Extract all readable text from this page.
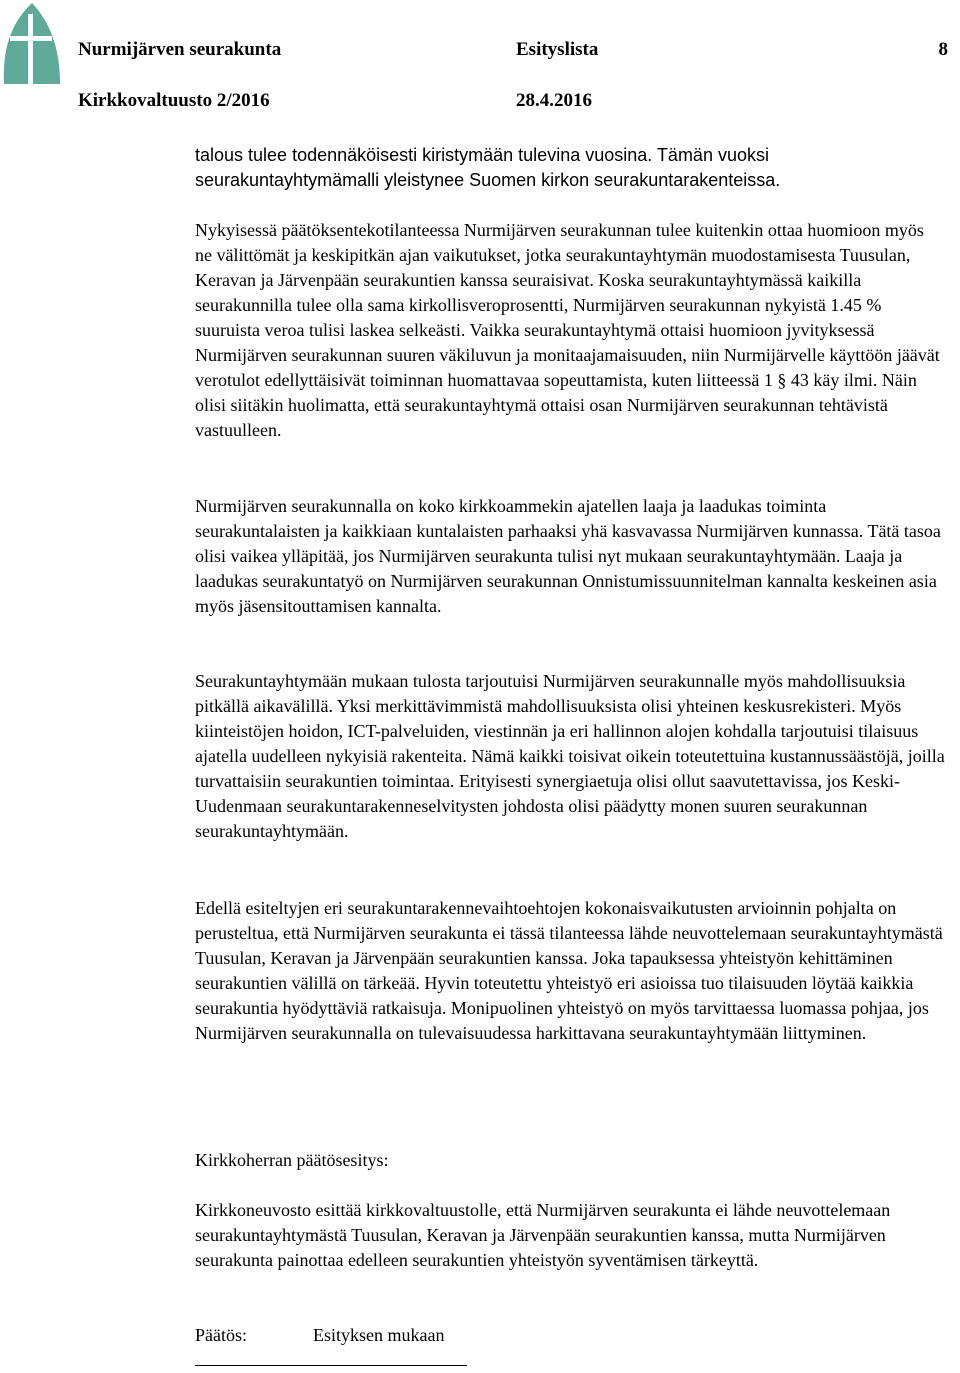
Nurmijärven seurakunta	Esityslista	8
Kirkkovaltuusto 2/2016	28.4.2016

talous tulee todennäköisesti kiristymään tulevina vuosina. Tämän vuoksi seurakuntayhtymämalli yleistynee Suomen kirkon seurakuntarakenteissa.

Nykyisessä päätöksentekotilanteessa Nurmijärven seurakunnan tulee kuitenkin ottaa huomioon myös ne välittömät ja keskipitkän ajan vaikutukset, jotka seurakuntayhtymän muodostamisesta Tuusulan, Keravan ja Järvenpään seurakuntien kanssa seuraisivat. Koska seurakuntayhtymässä kaikilla seurakunnilla tulee olla sama kirkollisveroprosentti, Nurmijärven seurakunnan nykyistä 1.45 % suuruista veroa tulisi laskea selkeästi. Vaikka seurakuntayhtymä ottaisi huomioon jyvityksessä Nurmijärven seurakunnan suuren väkiluvun ja monitaajamaisuuden, niin Nurmijärvelle käyttöön jäävät verotulot edellyttäisivät toiminnan huomattavaa sopeuttamista, kuten liitteessä 1 § 43 käy ilmi. Näin olisi siitäkin huolimatta, että seurakuntayhtymä ottaisi osan Nurmijärven seurakunnan tehtävistä vastuulleen.

Nurmijärven seurakunnalla on koko kirkkoammekin ajatellen laaja ja laadukas toiminta seurakuntalaisten ja kaikkiaan kuntalaisten parhaaksi yhä kasvavassa Nurmijärven kunnassa. Tätä tasoa olisi vaikea ylläpitää, jos Nurmijärven seurakunta tulisi nyt mukaan seurakuntayhtymään. Laaja ja laadukas seurakuntatyö on Nurmijärven seurakunnan Onnistumissuunnitelman kannalta keskeinen asia myös jäsensitouttamisen kannalta.

Seurakuntayhtymään mukaan tulosta tarjoutuisi Nurmijärven seurakunnalle myös mahdollisuuksia pitkällä aikavälillä. Yksi merkittävimmistä mahdollisuuksista olisi yhteinen keskusrekisteri. Myös kiinteistöjen hoidon, ICT-palveluiden, viestinnän ja eri hallinnon alojen kohdalla tarjoutuisi tilaisuus ajatella uudelleen nykyisiä rakenteita. Nämä kaikki toisivat oikein toteutettuina kustannussäästöjä, joilla turvattaisiin seurakuntien toimintaa. Erityisesti synergiaetuja olisi ollut saavutettavissa, jos Keski-Uudenmaan seurakuntarakenneselvitysten johdosta olisi päädytty monen suuren seurakunnan seurakuntayhtymään.

Edellä esiteltyjen eri seurakuntarakennevaihtoehtojen kokonaisvaikutusten arvioinnin pohjalta on perusteltua, että Nurmijärven seurakunta ei tässä tilanteessa lähde neuvottelemaan seurakuntayhtymästä Tuusulan, Keravan ja Järvenpään seurakuntien kanssa. Joka tapauksessa yhteistyön kehittäminen seurakuntien välillä on tärkeää. Hyvin toteutettu yhteistyö eri asioissa tuo tilaisuuden löytää kaikkia seurakuntia hyödyttäviä ratkaisuja. Monipuolinen yhteistyö on myös tarvittaessa luomassa pohjaa, jos Nurmijärven seurakunnalla on tulevaisuudessa harkittavana seurakuntayhtymään liittyminen.

Kirkkoherran päätösesitys:

Kirkkoneuvosto esittää kirkkovaltuustolle, että Nurmijärven seurakunta ei lähde neuvottelemaan seurakuntayhtymästä Tuusulan, Keravan ja Järvenpään seurakuntien kanssa, mutta Nurmijärven seurakunta painottaa edelleen seurakuntien yhteistyön syventämisen tärkeyttä.

Päätös:	Esityksen mukaan
